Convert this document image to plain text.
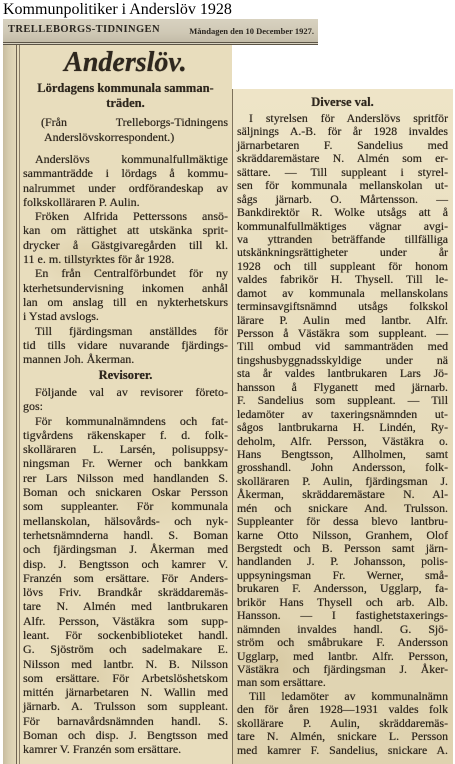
Kommunpolitiker i Anderslöv 1928
TRELLEBORGS-TIDNINGEN	Måndagen den 10 December 1927.
Anderslöv.
Lördagens kommunala samman-
träden.
(Från Trelleborgs-Tidningens
Anderslövskorrespondent.)
Anderslövs kommunalfullmäktige
sammanträdde i lördags å kommu-
nalrummet under ordförandeskap av
folkskolläraren P. Aulin.
Fröken Alfrida Petterssons ansö-
kan om rättighet att utskänka sprit-
drycker å Gästgivaregården till kl.
11 e. m. tillstyrktes för år 1928.
En från Centralförbundet för ny
kterhetsundervisning inkomen anhål
lan om anslag till en nykterhetskurs
i Ystad avslogs.
Till fjärdingsman anställdes för
tid tills vidare nuvarande fjärdings-
mannen Joh. Åkerman.
Revisorer.
Följande val av revisorer företo-
gos:
För kommunalnämndens och fat-
tigvårdens räkenskaper f. d. folk-
skolläraren L. Larsén, polisuppsy-
ningsman Fr. Werner och bankkam
rer Lars Nilsson med handlanden S.
Boman och snickaren Oskar Persson
som suppleanter. För kommunala
mellanskolan, hälsovårds- och nyk-
terhetsnämnderna handl. S. Boman
och fjärdingsman J. Åkerman med
disp. J. Bengtsson och kamrer V.
Franzén som ersättare. För Anders-
lövs Friv. Brandkår skräddaremäs-
tare N. Almén med lantbrukaren
Alfr. Persson, Västäkra som supp-
leant. För sockenbiblioteket handl.
G. Sjöström och sadelmakare E.
Nilsson med lantbr. N. B. Nilsson
som ersättare. För Arbetslöshetskom
mittén järnarbetaren N. Wallin med
järnarb. A. Trulsson som suppleant.
För barnavårdsnämnden handl. S.
Boman och disp. J. Bengtsson med
kamrer V. Franzén som ersättare.
Diverse val.
I styrelsen för Anderslövs spritför
säljnings A.-B. för år 1928 invaldes
järnarbetaren F. Sandelius med
skräddaremästare N. Almén som er-
sättare. — Till suppleant i styrel-
sen för kommunala mellanskolan ut-
sågs järnarb. O. Mårtensson. —
Bankdirektör R. Wolke utsågs att å
kommunalfullmäktiges vägnar avgi-
va yttranden beträffande tillfälliga
utskänkningsrättigheter under år
1928 och till suppleant för honom
valdes fabrikör H. Thysell. Till le-
damot av kommunala mellanskolans
terminsavgiftsnämnd utsågs folkskol
lärare P. Aulin med lantbr. Alfr.
Persson å Västäkra som suppleant. —
Till ombud vid sammanträden med
tingshusbyggnadsskyldige under nä
sta år valdes lantbrukaren Lars Jö-
hansson å Flyganett med järnarb.
F. Sandelius som suppleant. — Till
ledamöter av taxeringsnämnden ut-
sågos lantbrukarna H. Lindén, Ry-
deholm, Alfr. Persson, Västäkra o.
Hans Bengtsson, Allholmen, samt
grosshandl. John Andersson, folk-
skolläraren P. Aulin, fjärdingsman J.
Åkerman, skräddaremästare N. Al-
mén och snickare And. Trulsson.
Suppleanter för dessa blevo lantbru-
karne Otto Nilsson, Granhem, Olof
Bergstedt och B. Persson samt järn-
handlanden J. P. Johansson, polis-
uppsyningsman Fr. Werner, små-
brukaren F. Andersson, Ugglarp, fa-
brikör Hans Thysell och arb. Alb.
Hansson. — I fastighetstaxerings-
nämnden invaldes handl. G. Sjö-
ström och småbrukare F. Andersson
Ugglarp, med lantbr. Alfr. Persson,
Västäkra och fjärdingsman J. Åker-
man som ersättare.
Till ledamöter av kommunalnämn
den för åren 1928—1931 valdes folk
skollärare P. Aulin, skräddaremäs-
tare N. Almén, snickare L. Persson
med kamrer F. Sandelius, snickare A.
